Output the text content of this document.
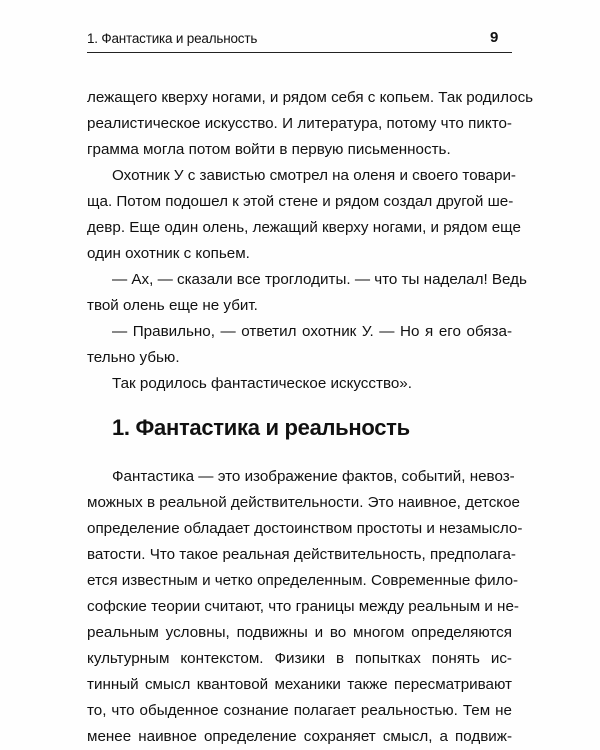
1. Фантастика и реальность	9
лежащего кверху ногами, и рядом себя с копьем. Так родилось
реалистическое искусство. И литература, потому что пикто-
грамма могла потом войти в первую письменность.
Охотник У с завистью смотрел на оленя и своего товари-
ща. Потом подошел к этой стене и рядом создал другой ше-
девр. Еще один олень, лежащий кверху ногами, и рядом еще
один охотник с копьем.
— Ах, — сказали все троглодиты. — что ты наделал! Ведь
твой олень еще не убит.
— Правильно, — ответил охотник У. — Но я его обяза-
тельно убью.
Так родилось фантастическое искусство».
1. Фантастика и реальность
Фантастика — это изображение фактов, событий, невоз-
можных в реальной действительности. Это наивное, детское
определение обладает достоинством простоты и незамысло-
ватости. Что такое реальная действительность, предполага-
ется известным и четко определенным. Современные фило-
софские теории считают, что границы между реальным и не-
реальным условны, подвижны и во многом определяются
культурным контекстом. Физики в попытках понять ис-
тинный смысл квантовой механики также пересматривают
то, что обыденное сознание полагает реальностью. Тем не
менее наивное определение сохраняет смысл, а подвиж-
